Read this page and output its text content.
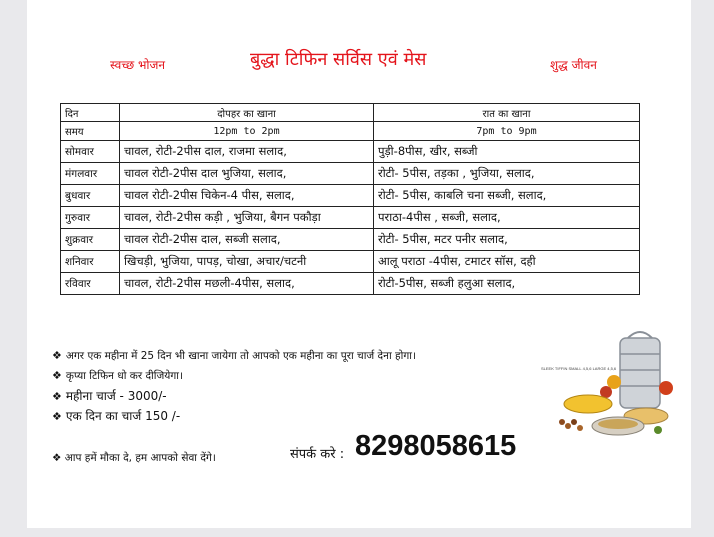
स्वच्छ भोजन	बुद्धा टिफिन सर्विस एवं मेस	शुद्ध जीवन
दिन	दोपहर का खाना	रात का खाना
समय	12pm to 2pm	7pm to 9pm
सोमवार	चावल, रोटी-2पीस दाल, राजमा सलाद,	पुड़ी-8पीस, खीर, सब्जी
मंगलवार	चावल रोटी-2पीस दाल भुजिया, सलाद,	रोटी- 5पीस, तड़का , भुजिया, सलाद,
बुधवार	चावल रोटी-2पीस चिकेन-4 पीस, सलाद,	रोटी- 5पीस, काबलि चना सब्जी, सलाद,
गुरुवार	चावल, रोटी-2पीस कड़ी , भुजिया, बैगन पकौड़ा	पराठा-4पीस , सब्जी, सलाद,
शुक्रवार	चावल रोटी-2पीस दाल, सब्जी सलाद,	रोटी- 5पीस, मटर पनीर सलाद,
शनिवार	खिचड़ी, भुजिया, पापड़, चोखा, अचार/चटनी	आलू पराठा -4पीस, टमाटर सॉस, दही
रविवार	चावल, रोटी-2पीस मछली-4पीस, सलाद,	रोटी-5पीस, सब्जी हलुआ सलाद,
❖ अगर एक महीना में 25 दिन भी खाना जायेगा तो आपको एक महीना का पूरा चार्ज देना होगा।
❖ कृप्या टिफिन धो कर दीजियेगा।
❖ महीना चार्ज - 3000/-
❖ एक दिन का चार्ज 150 /-
❖ आप हमें मौका दे, हम आपको सेवा देंगे।	संपर्क करे : 8298058615
SLEEK TIFFIN SMALL 4,5,6 LARGE 4,5,6
